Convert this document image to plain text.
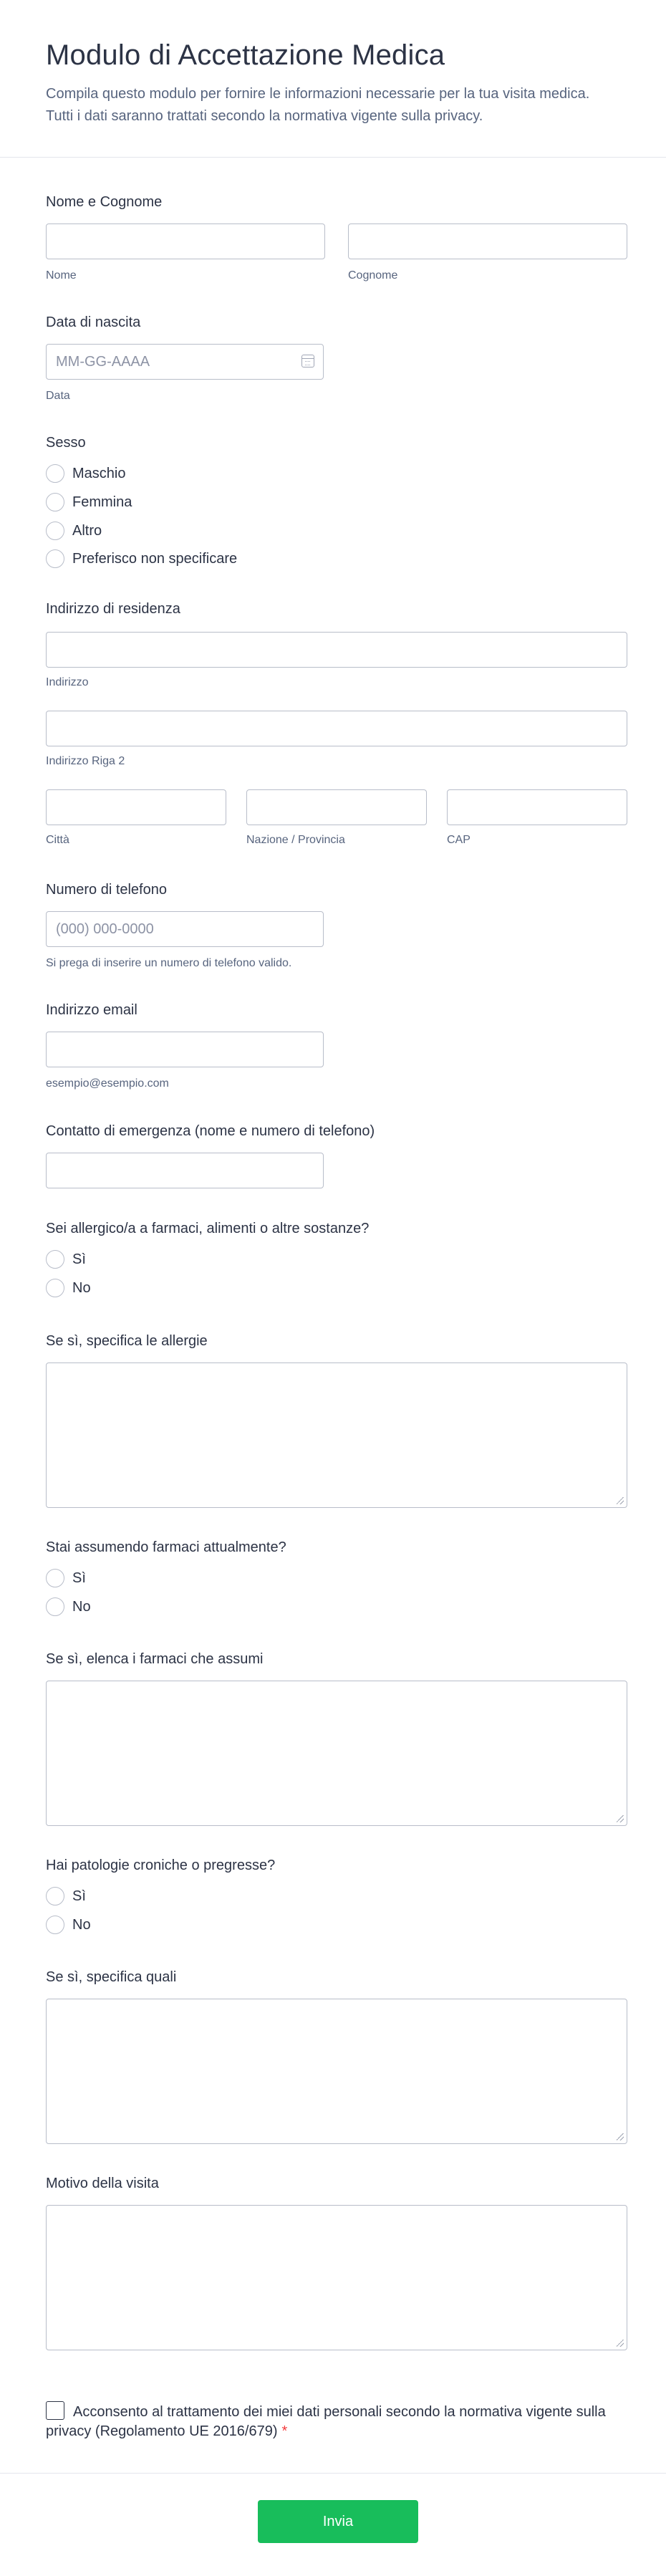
Modulo di Accettazione Medica

Compila questo modulo per fornire le informazioni necessarie per la tua visita medica. Tutti i dati saranno trattati secondo la normativa vigente sulla privacy.

Nome e Cognome
Nome	Cognome
Data di nascita
MM-GG-AAAA
Data
Sesso
Maschio
Femmina
Altro
Preferisco non specificare
Indirizzo di residenza
Indirizzo
Indirizzo Riga 2
Città	Nazione / Provincia	CAP
Numero di telefono
(000) 000-0000
Si prega di inserire un numero di telefono valido.
Indirizzo email
esempio@esempio.com
Contatto di emergenza (nome e numero di telefono)
Sei allergico/a a farmaci, alimenti o altre sostanze?
Sì
No
Se sì, specifica le allergie
Stai assumendo farmaci attualmente?
Sì
No
Se sì, elenca i farmaci che assumi
Hai patologie croniche o pregresse?
Sì
No
Se sì, specifica quali
Motivo della visita
Acconsento al trattamento dei miei dati personali secondo la normativa vigente sulla privacy (Regolamento UE 2016/679) *
Invia
